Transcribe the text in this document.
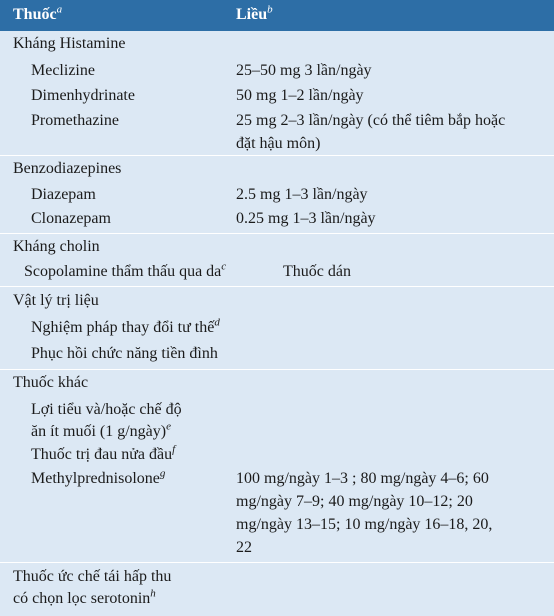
Thuốc$^a$	Liều$^b$
Kháng Histamine
Meclizine	25–50 mg 3 lần/ngày
Dimenhydrinate	50 mg 1–2 lần/ngày
Promethazine	25 mg 2–3 lần/ngày (có thể tiêm bắp hoặc
đặt hậu môn)
Benzodiazepines
Diazepam	2.5 mg 1–3 lần/ngày
Clonazepam	0.25 mg 1–3 lần/ngày
Kháng cholin
Scopolamine thẩm thấu qua $da^c$	Thuốc dán
Vật lý trị liệu
Nghiệm pháp thay đổi tư thế$^d$
Phục hồi chức năng tiền đình
Thuốc khác
Lợi tiểu và/hoặc chế độ
ăn ít muối (1 g/ngày)$^e$
Thuốc trị đau nửa đầu$^f$
Methylprednisolone$^g$	100 mg/ngày 1–3 ; 80 mg/ngày 4–6; 60
mg/ngày 7–9; 40 mg/ngày 10–12; 20
mg/ngày 13–15; 10 mg/ngày 16–18, 20,
22
Thuốc ức chế tái hấp thu
có chọn lọc serotonin$^h$
